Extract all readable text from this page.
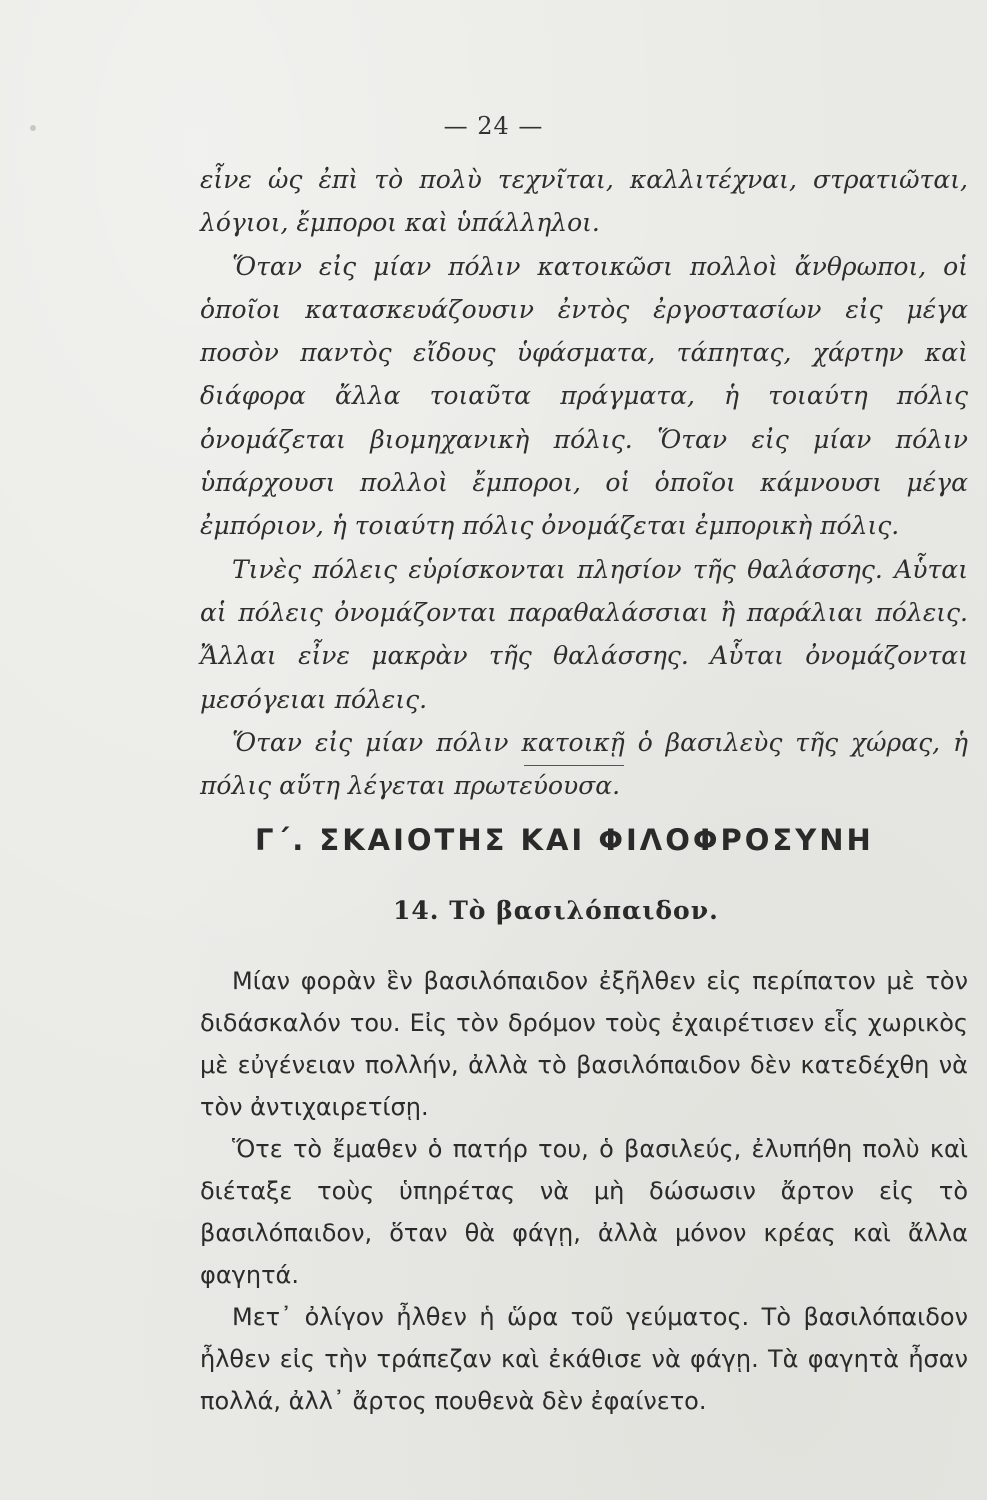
— 24 —

εἶνε ὡς ἐπὶ τὸ πολὺ τεχνῖται, καλλιτέχναι, στρατιῶται, λόγιοι, ἔμποροι καὶ ὑπάλληλοι.

Ὅταν εἰς μίαν πόλιν κατοικῶσι πολλοὶ ἄνθρωποι, οἱ ὁποῖοι κατασκευάζουσιν ἐντὸς ἐργοστασίων εἰς μέγα ποσὸν παντὸς εἴδους ὑφάσματα, τάπητας, χάρτην καὶ διάφορα ἄλλα τοιαῦτα πράγματα, ἡ τοιαύτη πόλις ὀνομάζεται βιομηχανικὴ πόλις. Ὅταν εἰς μίαν πόλιν ὑπάρχουσι πολλοὶ ἔμποροι, οἱ ὁποῖοι κάμνουσι μέγα ἐμπόριον, ἡ τοιαύτη πόλις ὀνομάζεται ἐμπορικὴ πόλις.

Τινὲς πόλεις εὑρίσκονται πλησίον τῆς θαλάσσης. Αὗται αἱ πόλεις ὀνομάζονται παραθαλάσσιαι ἢ παράλιαι πόλεις. Ἄλλαι εἶνε μακρὰν τῆς θαλάσσης. Αὗται ὀνομάζονται μεσόγειαι πόλεις.

Ὅταν εἰς μίαν πόλιν κατοικῇ ὁ βασιλεὺς τῆς χώρας, ἡ πόλις αὕτη λέγεται πρωτεύουσα.

Γ΄. ΣΚΑΙΟΤΗΣ ΚΑΙ ΦΙΛΟΦΡΟΣΥΝΗ
14. Τὸ βασιλόπαιδον.

Μίαν φορὰν ἓν βασιλόπαιδον ἐξῆλθεν εἰς περίπατον μὲ τὸν διδάσκαλόν του. Εἰς τὸν δρόμον τοὺς ἐχαιρέτισεν εἷς χωρικὸς μὲ εὐγένειαν πολλήν, ἀλλὰ τὸ βασιλόπαιδον δὲν κατεδέχθη νὰ τὸν ἀντιχαιρετίσῃ.

Ὅτε τὸ ἔμαθεν ὁ πατήρ του, ὁ βασιλεύς, ἐλυπήθη πολὺ καὶ διέταξε τοὺς ὑπηρέτας νὰ μὴ δώσωσιν ἄρτον εἰς τὸ βασιλόπαιδον, ὅταν θὰ φάγῃ, ἀλλὰ μόνον κρέας καὶ ἄλλα φαγητά.

Μετ᾽ ὀλίγον ἦλθεν ἡ ὥρα τοῦ γεύματος. Τὸ βασιλόπαιδον ἦλθεν εἰς τὴν τράπεζαν καὶ ἐκάθισε νὰ φάγῃ. Τὰ φαγητὰ ἦσαν πολλά, ἀλλ᾽ ἄρτος πουθενὰ δὲν ἐφαίνετο.
